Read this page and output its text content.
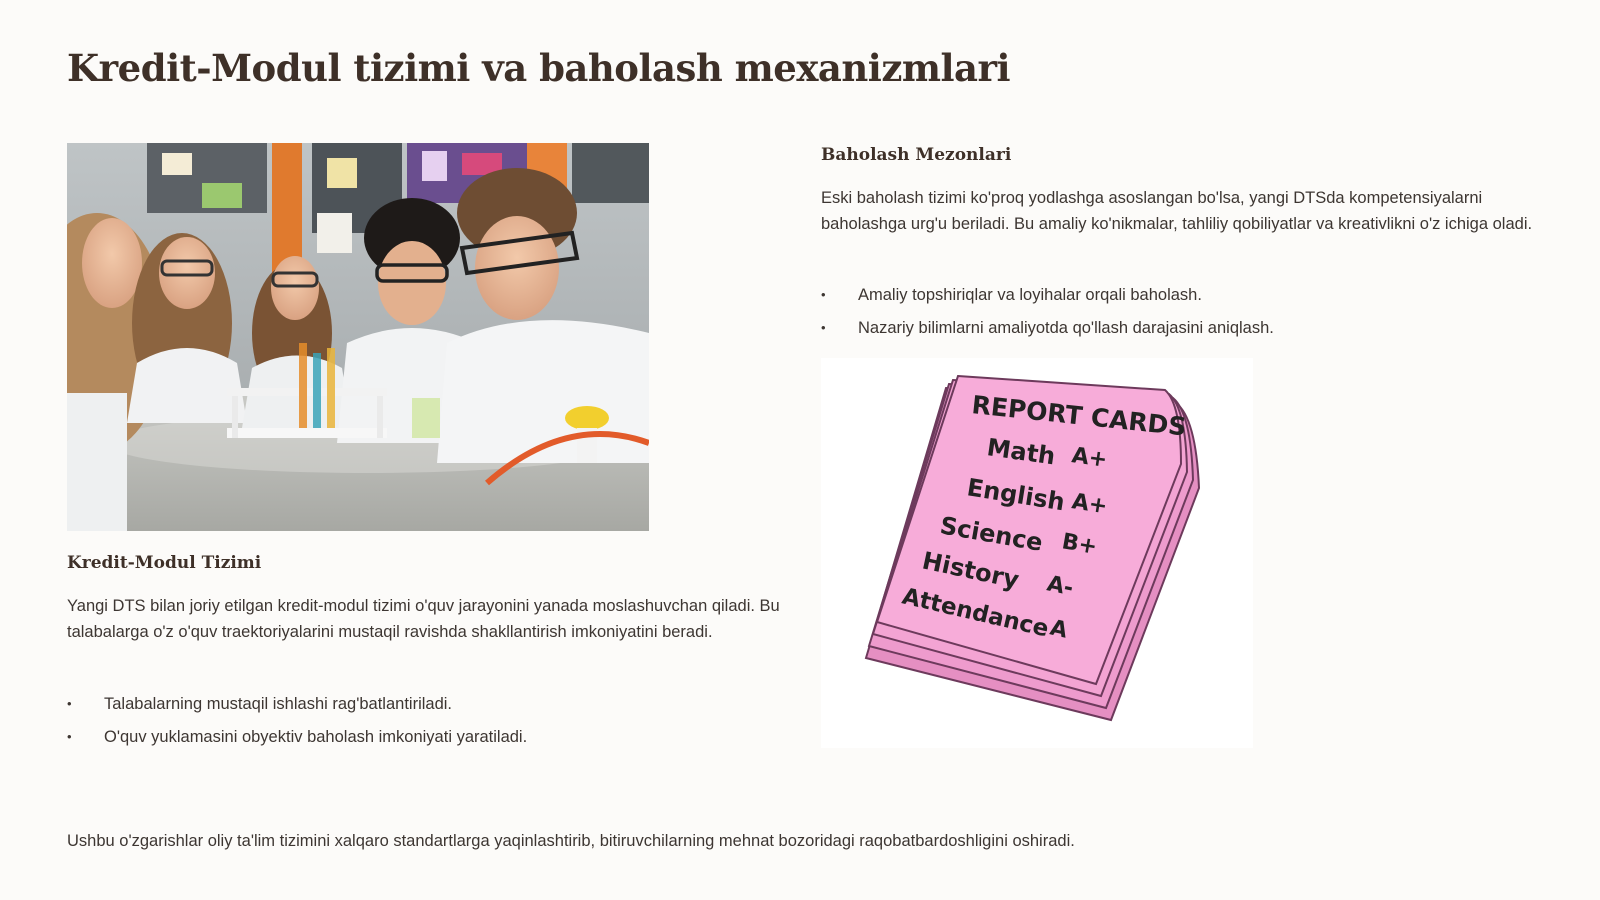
Kredit-Modul tizimi va baholash mexanizmlari
Kredit-Modul Tizimi

Yangi DTS bilan joriy etilgan kredit-modul tizimi o'quv jarayonini yanada moslashuvchan qiladi. Bu talabalarga o'z o'quv traektoriyalarini mustaqil ravishda shakllantirish imkoniyatini beradi.

• Talabalarning mustaqil ishlashi rag'batlantiriladi.
• O'quv yuklamasini obyektiv baholash imkoniyati yaratiladi.
Baholash Mezonlari

Eski baholash tizimi ko'proq yodlashga asoslangan bo'lsa, yangi DTSda kompetensiyalarni baholashga urg'u beriladi. Bu amaliy ko'nikmalar, tahliliy qobiliyatlar va kreativlikni o'z ichiga oladi.

• Amaliy topshiriqlar va loyihalar orqali baholash.
• Nazariy bilimlarni amaliyotda qo'llash darajasini aniqlash.
REPORT CARDS
Math A+
English A+
Science B+
History A-
Attendance
A

Ushbu o'zgarishlar oliy ta'lim tizimini xalqaro standartlarga yaqinlashtirib, bitiruvchilarning mehnat bozoridagi raqobatbardoshligini oshiradi.
